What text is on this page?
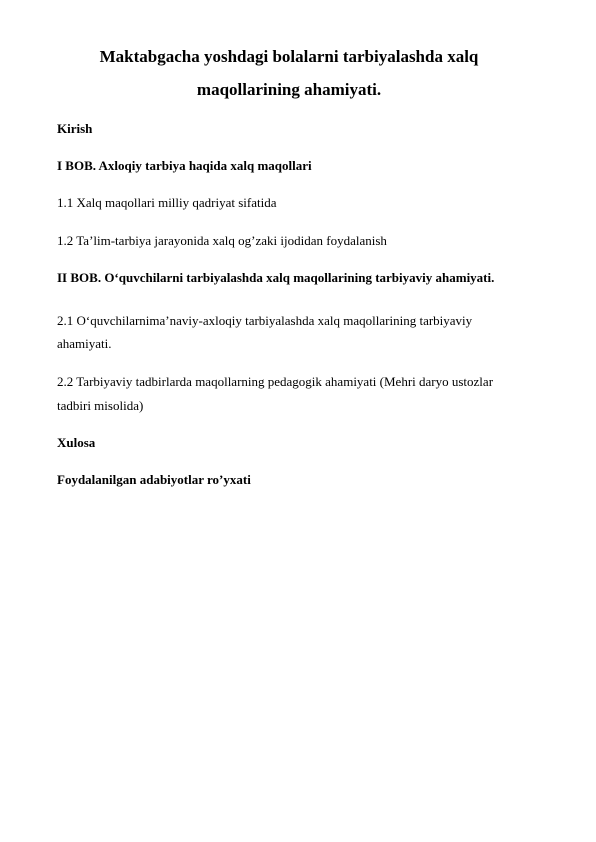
Maktabgacha yoshdagi bolalarni tarbiyalashda xalq

maqollarining ahamiyati.

Kirish

I BOB. Axloqiy tarbiya haqida xalq maqollari

1.1 Xalq maqollari milliy qadriyat sifatida

1.2 Ta’lim-tarbiya jarayonida xalq og’zaki ijodidan foydalanish

II BOB. O‘quvchilarni tarbiyalashda xalq maqollarining tarbiyaviy ahamiyati.

2.1 O‘quvchilarnima’naviy-axloqiy tarbiyalashda xalq maqollarining tarbiyaviy

ahamiyati.

2.2 Tarbiyaviy tadbirlarda maqollarning pedagogik ahamiyati (Mehri daryo ustozlar

tadbiri misolida)

Xulosa

Foydalanilgan adabiyotlar ro’yxati
